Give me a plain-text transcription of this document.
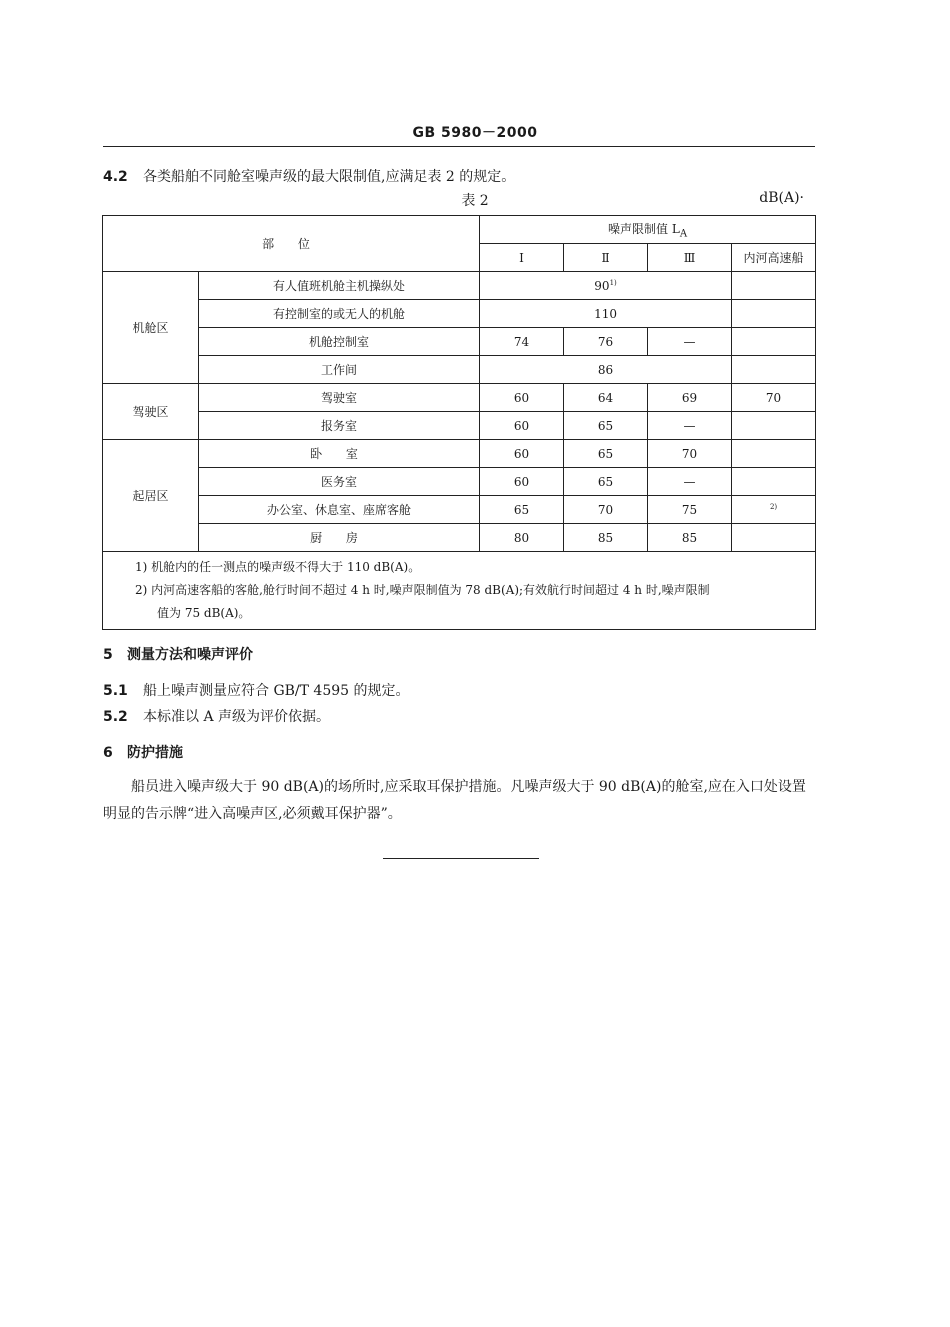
GB 5980－2000
4.2 各类船舶不同舱室噪声级的最大限制值,应满足表 2 的规定。
表 2	dB(A)·
部 位		噪声限制值 $L_A$
		Ⅰ	Ⅱ	Ⅲ	内河高速船
机舱区	有人值班机舱主机操纵处	90$^{1)}$	
	有控制室的或无人的机舱	110			
	机舱控制室	74	76	—	
	工作间	86			
驾驶区	驾驶室	60	64	69	70
	报务室	60	65	—	
起居区	卧 室	60	65	70	
	医务室	60	65	—	
	办公室、休息室、座席客舱	65	70	75	$^{2)}$
	厨 房	80	85	85	

1) 机舱内的任一测点的噪声级不得大于 110 dB(A)。
2) 内河高速客船的客舱,舱行时间不超过 4 h 时,噪声限制值为 78 dB(A);有效航行时间超过 4 h 时,噪声限制
值为 75 dB(A)。					
5 测量方法和噪声评价
5.1 船上噪声测量应符合 GB/T 4595 的规定。
5.2 本标准以 A 声级为评价依据。
6 防护措施
船员进入噪声级大于 90 dB(A)的场所时,应采取耳保护措施。凡噪声级大于 90 dB(A)的舱室,应在入口处设置明显的告示牌“进入高噪声区,必须戴耳保护器”。
